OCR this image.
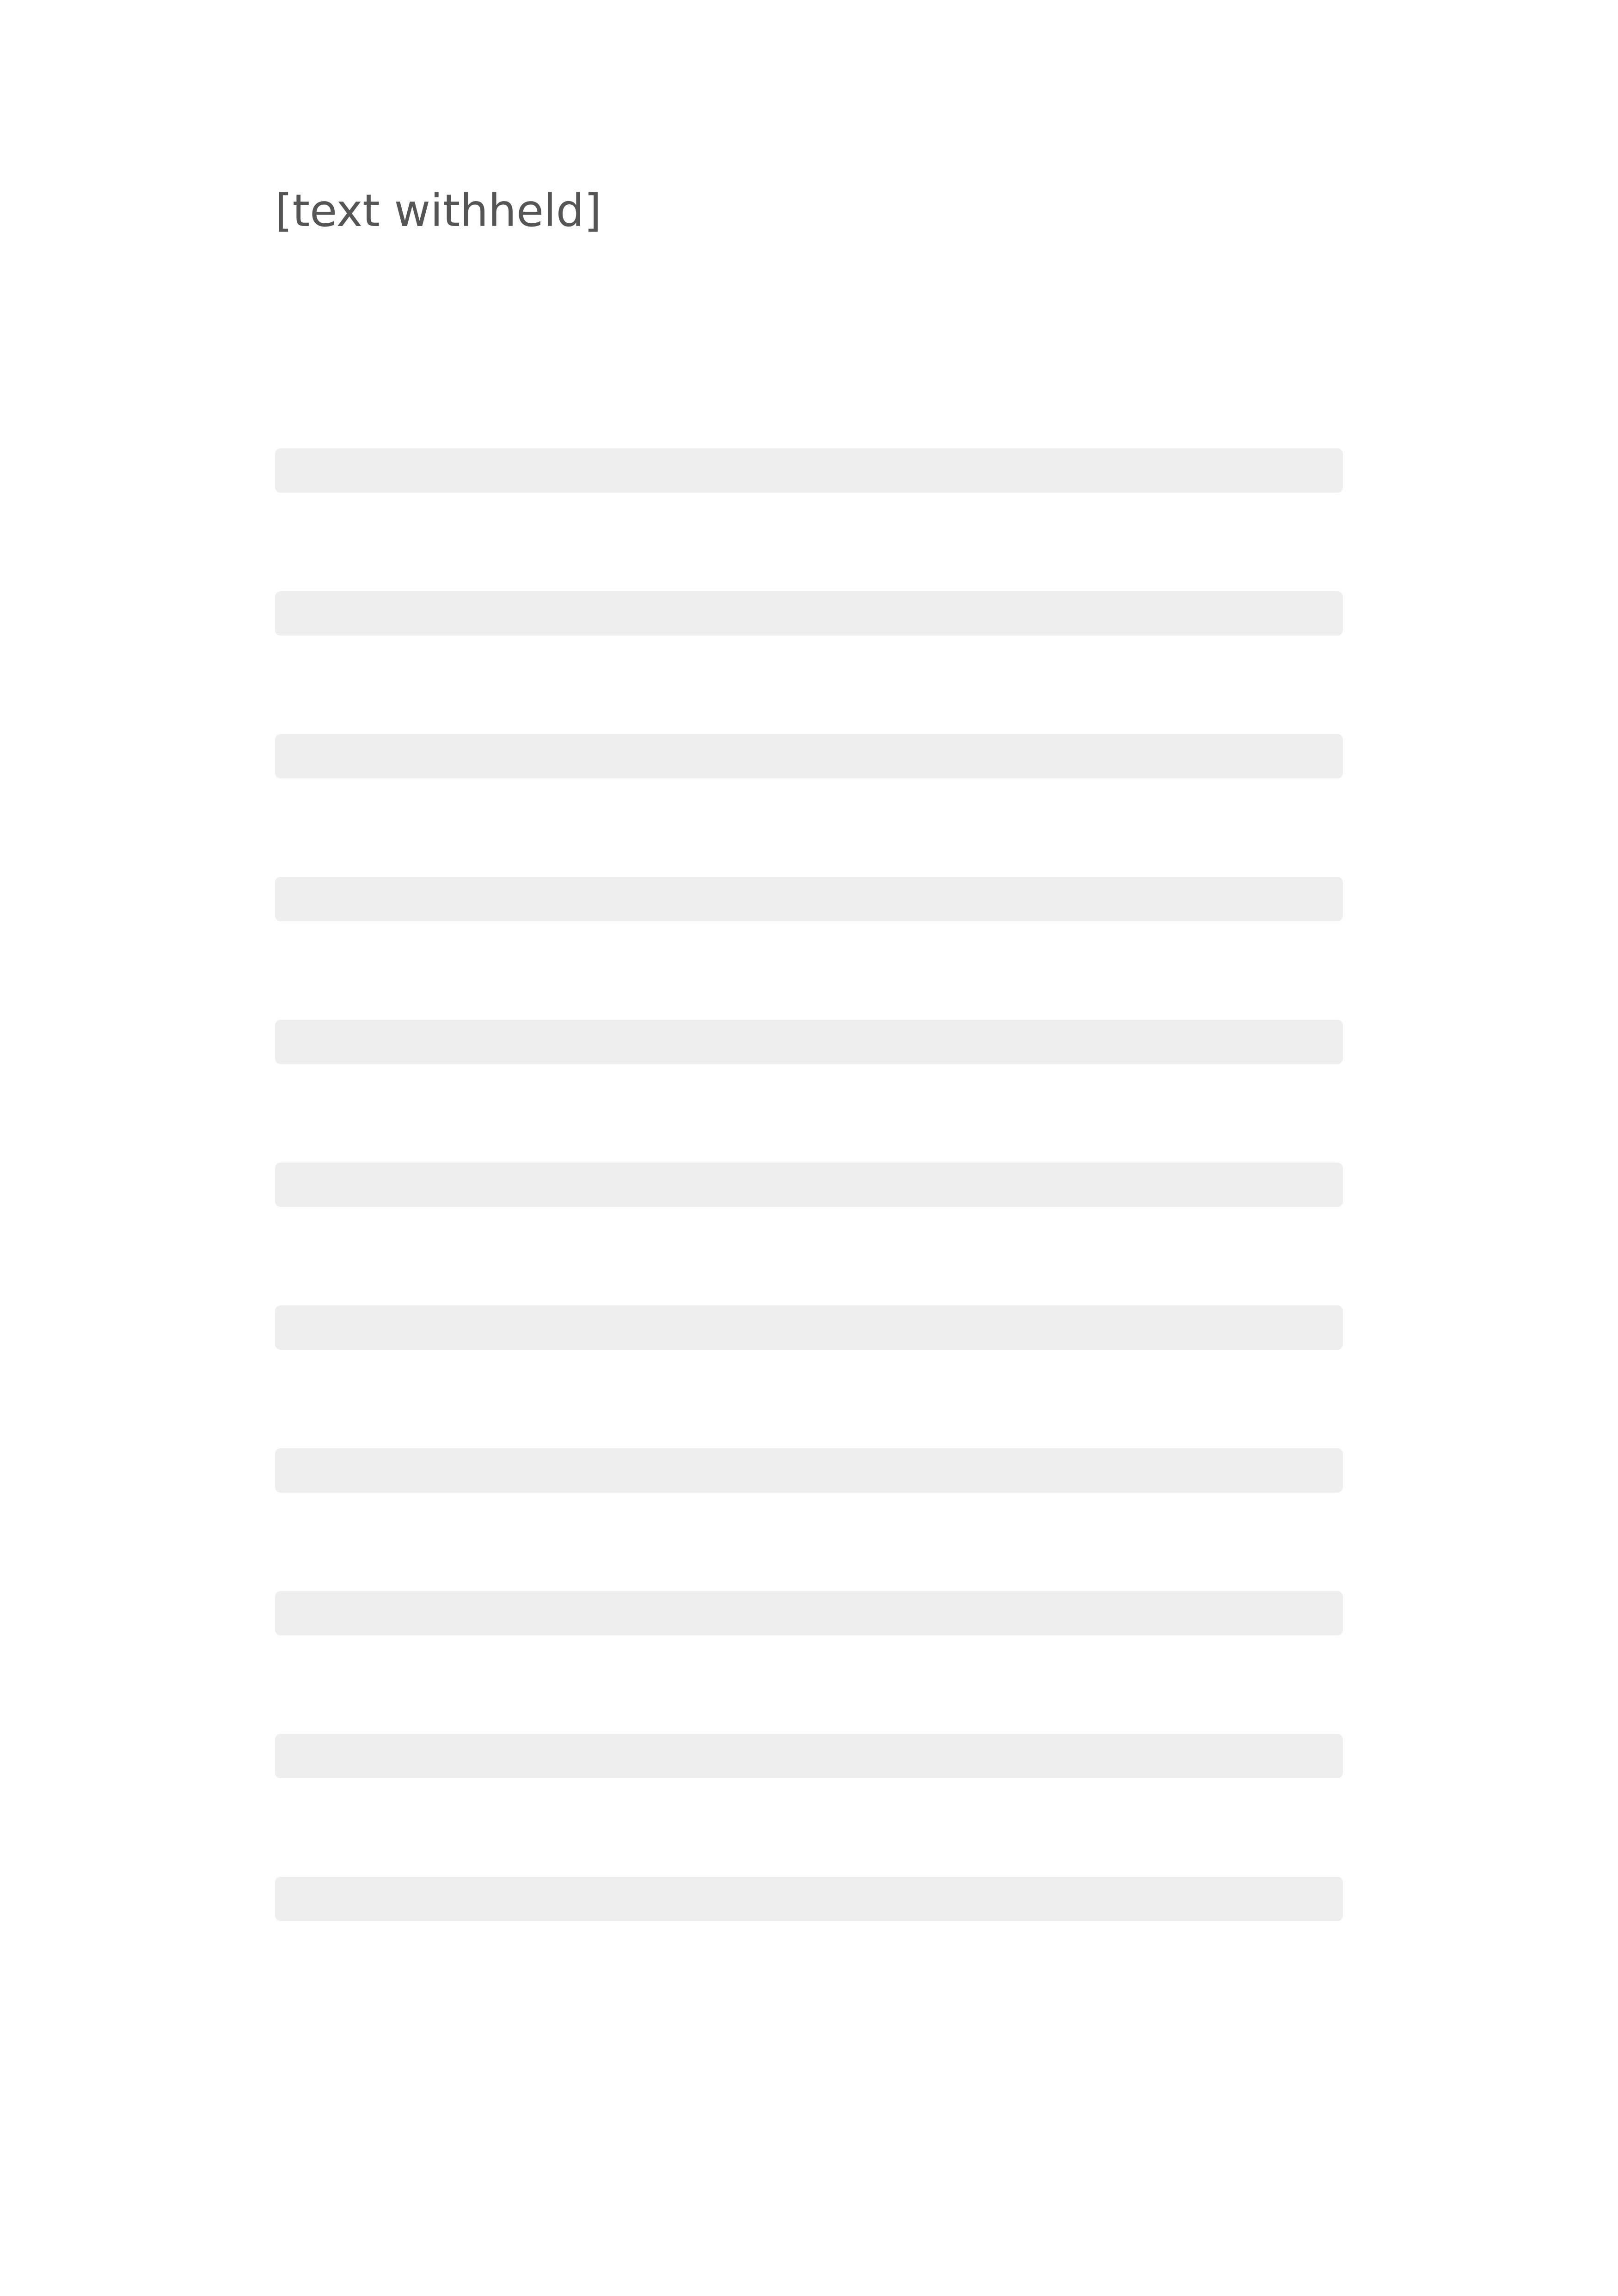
[text withheld]
